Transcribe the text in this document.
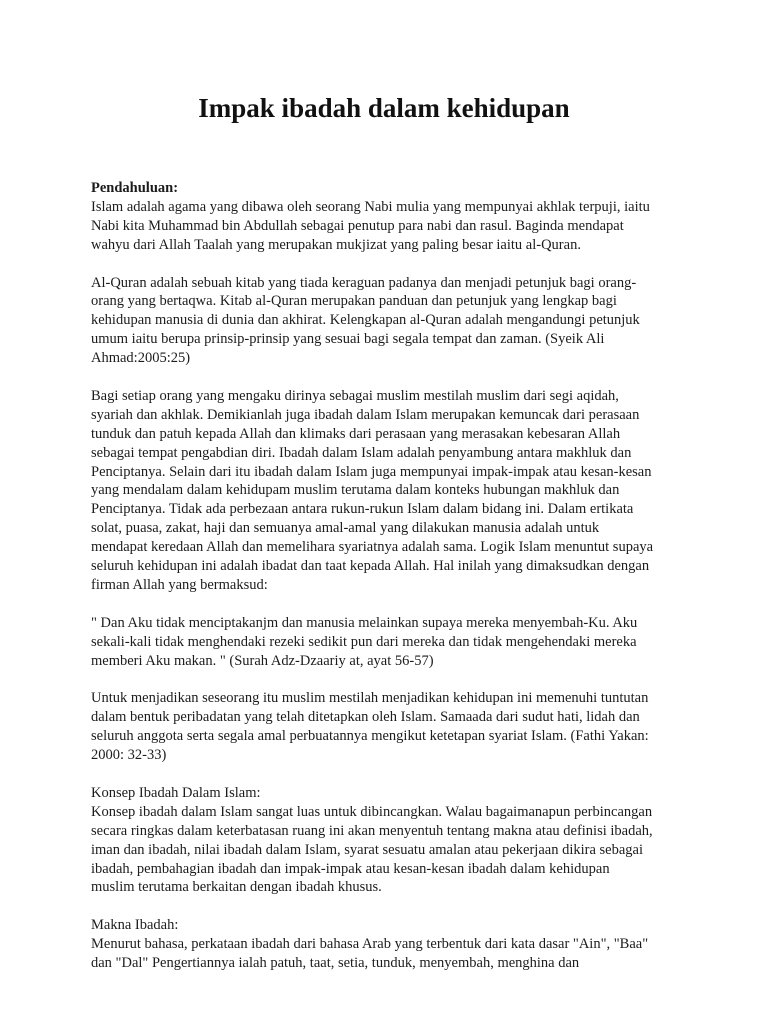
Impak ibadah dalam kehidupan

Pendahuluan:
Islam adalah agama yang dibawa oleh seorang Nabi mulia yang mempunyai akhlak terpuji, iaitu
Nabi kita Muhammad bin Abdullah sebagai penutup para nabi dan rasul. Baginda mendapat
wahyu dari Allah Taalah yang merupakan mukjizat yang paling besar iaitu al-Quran.

Al-Quran adalah sebuah kitab yang tiada keraguan padanya dan menjadi petunjuk bagi orang-
orang yang bertaqwa. Kitab al-Quran merupakan panduan dan petunjuk yang lengkap bagi
kehidupan manusia di dunia dan akhirat. Kelengkapan al-Quran adalah mengandungi petunjuk
umum iaitu berupa prinsip-prinsip yang sesuai bagi segala tempat dan zaman. (Syeik Ali
Ahmad:2005:25)

Bagi setiap orang yang mengaku dirinya sebagai muslim mestilah muslim dari segi aqidah,
syariah dan akhlak. Demikianlah juga ibadah dalam Islam merupakan kemuncak dari perasaan
tunduk dan patuh kepada Allah dan klimaks dari perasaan yang merasakan kebesaran Allah
sebagai tempat pengabdian diri. Ibadah dalam Islam adalah penyambung antara makhluk dan
Penciptanya. Selain dari itu ibadah dalam Islam juga mempunyai impak-impak atau kesan-kesan
yang mendalam dalam kehidupam muslim terutama dalam konteks hubungan makhluk dan
Penciptanya. Tidak ada perbezaan antara rukun-rukun Islam dalam bidang ini. Dalam ertikata
solat, puasa, zakat, haji dan semuanya amal-amal yang dilakukan manusia adalah untuk
mendapat keredaan Allah dan memelihara syariatnya adalah sama. Logik Islam menuntut supaya
seluruh kehidupan ini adalah ibadat dan taat kepada Allah. Hal inilah yang dimaksudkan dengan
firman Allah yang bermaksud:

" Dan Aku tidak menciptakanjm dan manusia melainkan supaya mereka menyembah-Ku. Aku
sekali-kali tidak menghendaki rezeki sedikit pun dari mereka dan tidak mengehendaki mereka
memberi Aku makan. " (Surah Adz-Dzaariy at, ayat 56-57)

Untuk menjadikan seseorang itu muslim mestilah menjadikan kehidupan ini memenuhi tuntutan
dalam bentuk peribadatan yang telah ditetapkan oleh Islam. Samaada dari sudut hati, lidah dan
seluruh anggota serta segala amal perbuatannya mengikut ketetapan syariat Islam. (Fathi Yakan:
2000: 32-33)

Konsep Ibadah Dalam Islam:
Konsep ibadah dalam Islam sangat luas untuk dibincangkan. Walau bagaimanapun perbincangan
secara ringkas dalam keterbatasan ruang ini akan menyentuh tentang makna atau definisi ibadah,
iman dan ibadah, nilai ibadah dalam Islam, syarat sesuatu amalan atau pekerjaan dikira sebagai
ibadah, pembahagian ibadah dan impak-impak atau kesan-kesan ibadah dalam kehidupan
muslim terutama berkaitan dengan ibadah khusus.

Makna Ibadah:
Menurut bahasa, perkataan ibadah dari bahasa Arab yang terbentuk dari kata dasar "Ain", "Baa"
dan "Dal" Pengertiannya ialah patuh, taat, setia, tunduk, menyembah, menghina dan
